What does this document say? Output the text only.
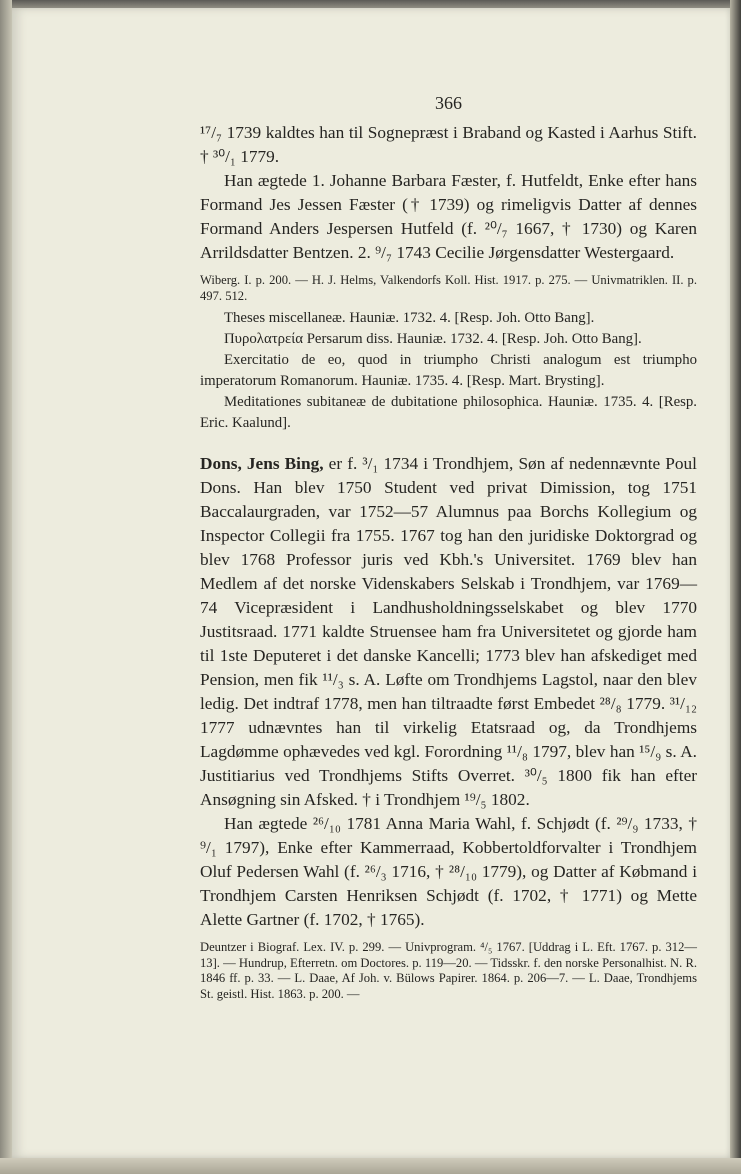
366

¹⁷/₇ 1739 kaldtes han til Sognepræst i Braband og Kasted i Aarhus Stift. † ³⁰/₁ 1779.

Han ægtede 1. Johanne Barbara Fæster, f. Hutfeldt, Enke efter hans Formand Jes Jessen Fæster († 1739) og rimeligvis Datter af dennes Formand Anders Jespersen Hutfeld (f. ²⁰/₇ 1667, † 1730) og Karen Arrildsdatter Bentzen. 2. ⁹/₇ 1743 Cecilie Jørgensdatter Westergaard.

Wiberg. I. p. 200. — H. J. Helms, Valkendorfs Koll. Hist. 1917. p. 275. — Univmatriklen. II. p. 497. 512.

Theses miscellaneæ. Hauniæ. 1732. 4. [Resp. Joh. Otto Bang].

Πυρολατρεία Persarum diss. Hauniæ. 1732. 4. [Resp. Joh. Otto Bang].

Exercitatio de eo, quod in triumpho Christi analogum est triumpho imperatorum Romanorum. Hauniæ. 1735. 4. [Resp. Mart. Brysting].

Meditationes subitaneæ de dubitatione philosophica. Hauniæ. 1735. 4. [Resp. Eric. Kaalund].

Dons, Jens Bing, er f. ³/₁ 1734 i Trondhjem, Søn af nedennævnte Poul Dons. Han blev 1750 Student ved privat Dimission, tog 1751 Baccalaurgraden, var 1752—57 Alumnus paa Borchs Kollegium og Inspector Collegii fra 1755. 1767 tog han den juridiske Doktorgrad og blev 1768 Professor juris ved Kbh.'s Universitet. 1769 blev han Medlem af det norske Videnskabers Selskab i Trondhjem, var 1769—74 Vicepræsident i Landhusholdningsselskabet og blev 1770 Justitsraad. 1771 kaldte Struensee ham fra Universitetet og gjorde ham til 1ste Deputeret i det danske Kancelli; 1773 blev han afskediget med Pension, men fik ¹¹/₃ s. A. Løfte om Trondhjems Lagstol, naar den blev ledig. Det indtraf 1778, men han tiltraadte først Embedet ²⁸/₈ 1779. ³¹/₁₂ 1777 udnævntes han til virkelig Etatsraad og, da Trondhjems Lagdømme ophævedes ved kgl. Forordning ¹¹/₈ 1797, blev han ¹⁵/₉ s. A. Justitiarius ved Trondhjems Stifts Overret. ³⁰/₅ 1800 fik han efter Ansøgning sin Afsked. † i Trondhjem ¹⁹/₅ 1802.

Han ægtede ²⁶/₁₀ 1781 Anna Maria Wahl, f. Schjødt (f. ²⁹/₉ 1733, † ⁹/₁ 1797), Enke efter Kammerraad, Kobbertoldforvalter i Trondhjem Oluf Pedersen Wahl (f. ²⁶/₃ 1716, † ²⁸/₁₀ 1779), og Datter af Købmand i Trondhjem Carsten Henriksen Schjødt (f. 1702, † 1771) og Mette Alette Gartner (f. 1702, † 1765).

Deuntzer i Biograf. Lex. IV. p. 299. — Univprogram. ⁴/₅ 1767. [Uddrag i L. Eft. 1767. p. 312—13]. — Hundrup, Efterretn. om Doctores. p. 119—20. — Tidsskr. f. den norske Personalhist. N. R. 1846 ff. p. 33. — L. Daae, Af Joh. v. Bülows Papirer. 1864. p. 206—7. — L. Daae, Trondhjems St. geistl. Hist. 1863. p. 200. —
